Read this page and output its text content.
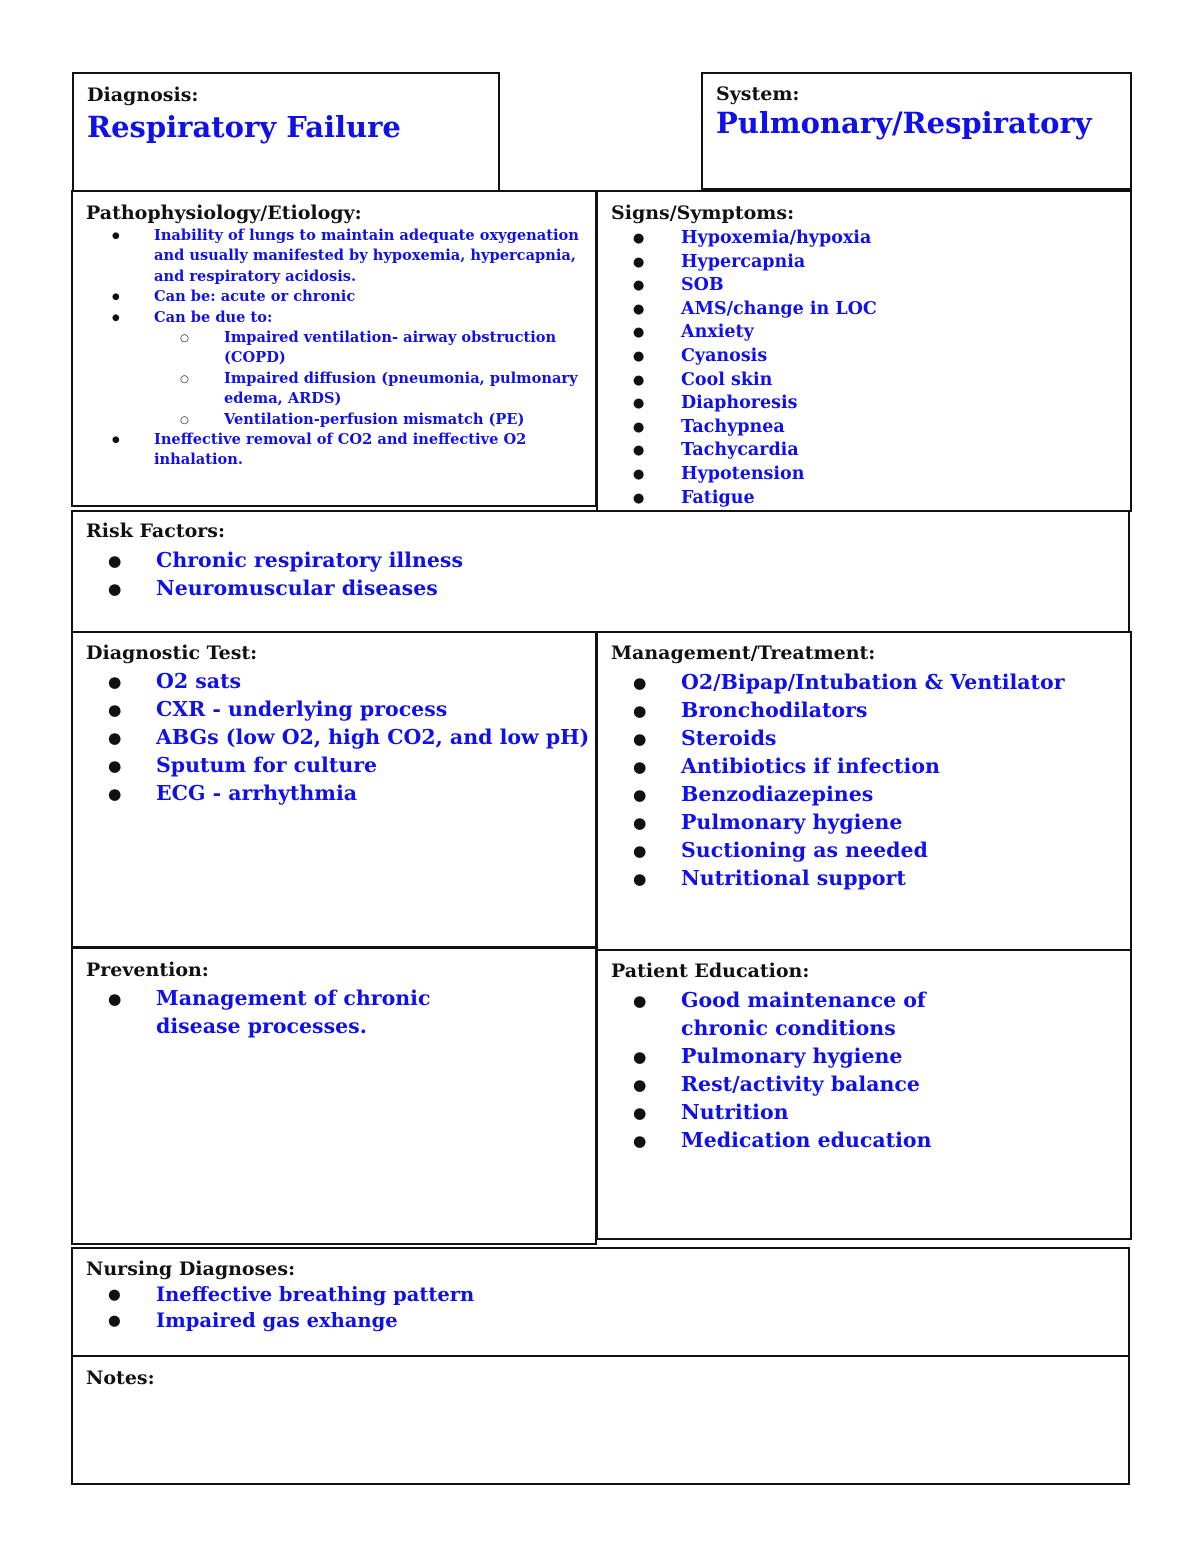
Diagnosis:
Respiratory Failure
System:
Pulmonary/Respiratory
Pathophysiology/Etiology:
● Inability of lungs to maintain adequate oxygenation and usually manifested by hypoxemia, hypercapnia, and respiratory acidosis.
● Can be: acute or chronic
● Can be due to:
○ Impaired ventilation- airway obstruction (COPD)
○ Impaired diffusion (pneumonia, pulmonary edema, ARDS)
○ Ventilation-perfusion mismatch (PE)
● Ineffective removal of CO2 and ineffective O2 inhalation.
Signs/Symptoms:
● Hypoxemia/hypoxia
● Hypercapnia
● SOB
● AMS/change in LOC
● Anxiety
● Cyanosis
● Cool skin
● Diaphoresis
● Tachypnea
● Tachycardia
● Hypotension
● Fatigue
Risk Factors:
● Chronic respiratory illness
● Neuromuscular diseases
Diagnostic Test:
● O2 sats
● CXR - underlying process
● ABGs (low O2, high CO2, and low pH)
● Sputum for culture
● ECG - arrhythmia
Management/Treatment:
● O2/Bipap/Intubation & Ventilator
● Bronchodilators
● Steroids
● Antibiotics if infection
● Benzodiazepines
● Pulmonary hygiene
● Suctioning as needed
● Nutritional support
Prevention:
● Management of chronic disease processes.
Patient Education:
● Good maintenance of chronic conditions
● Pulmonary hygiene
● Rest/activity balance
● Nutrition
● Medication education
Nursing Diagnoses:
● Ineffective breathing pattern
● Impaired gas exhange
Notes:
